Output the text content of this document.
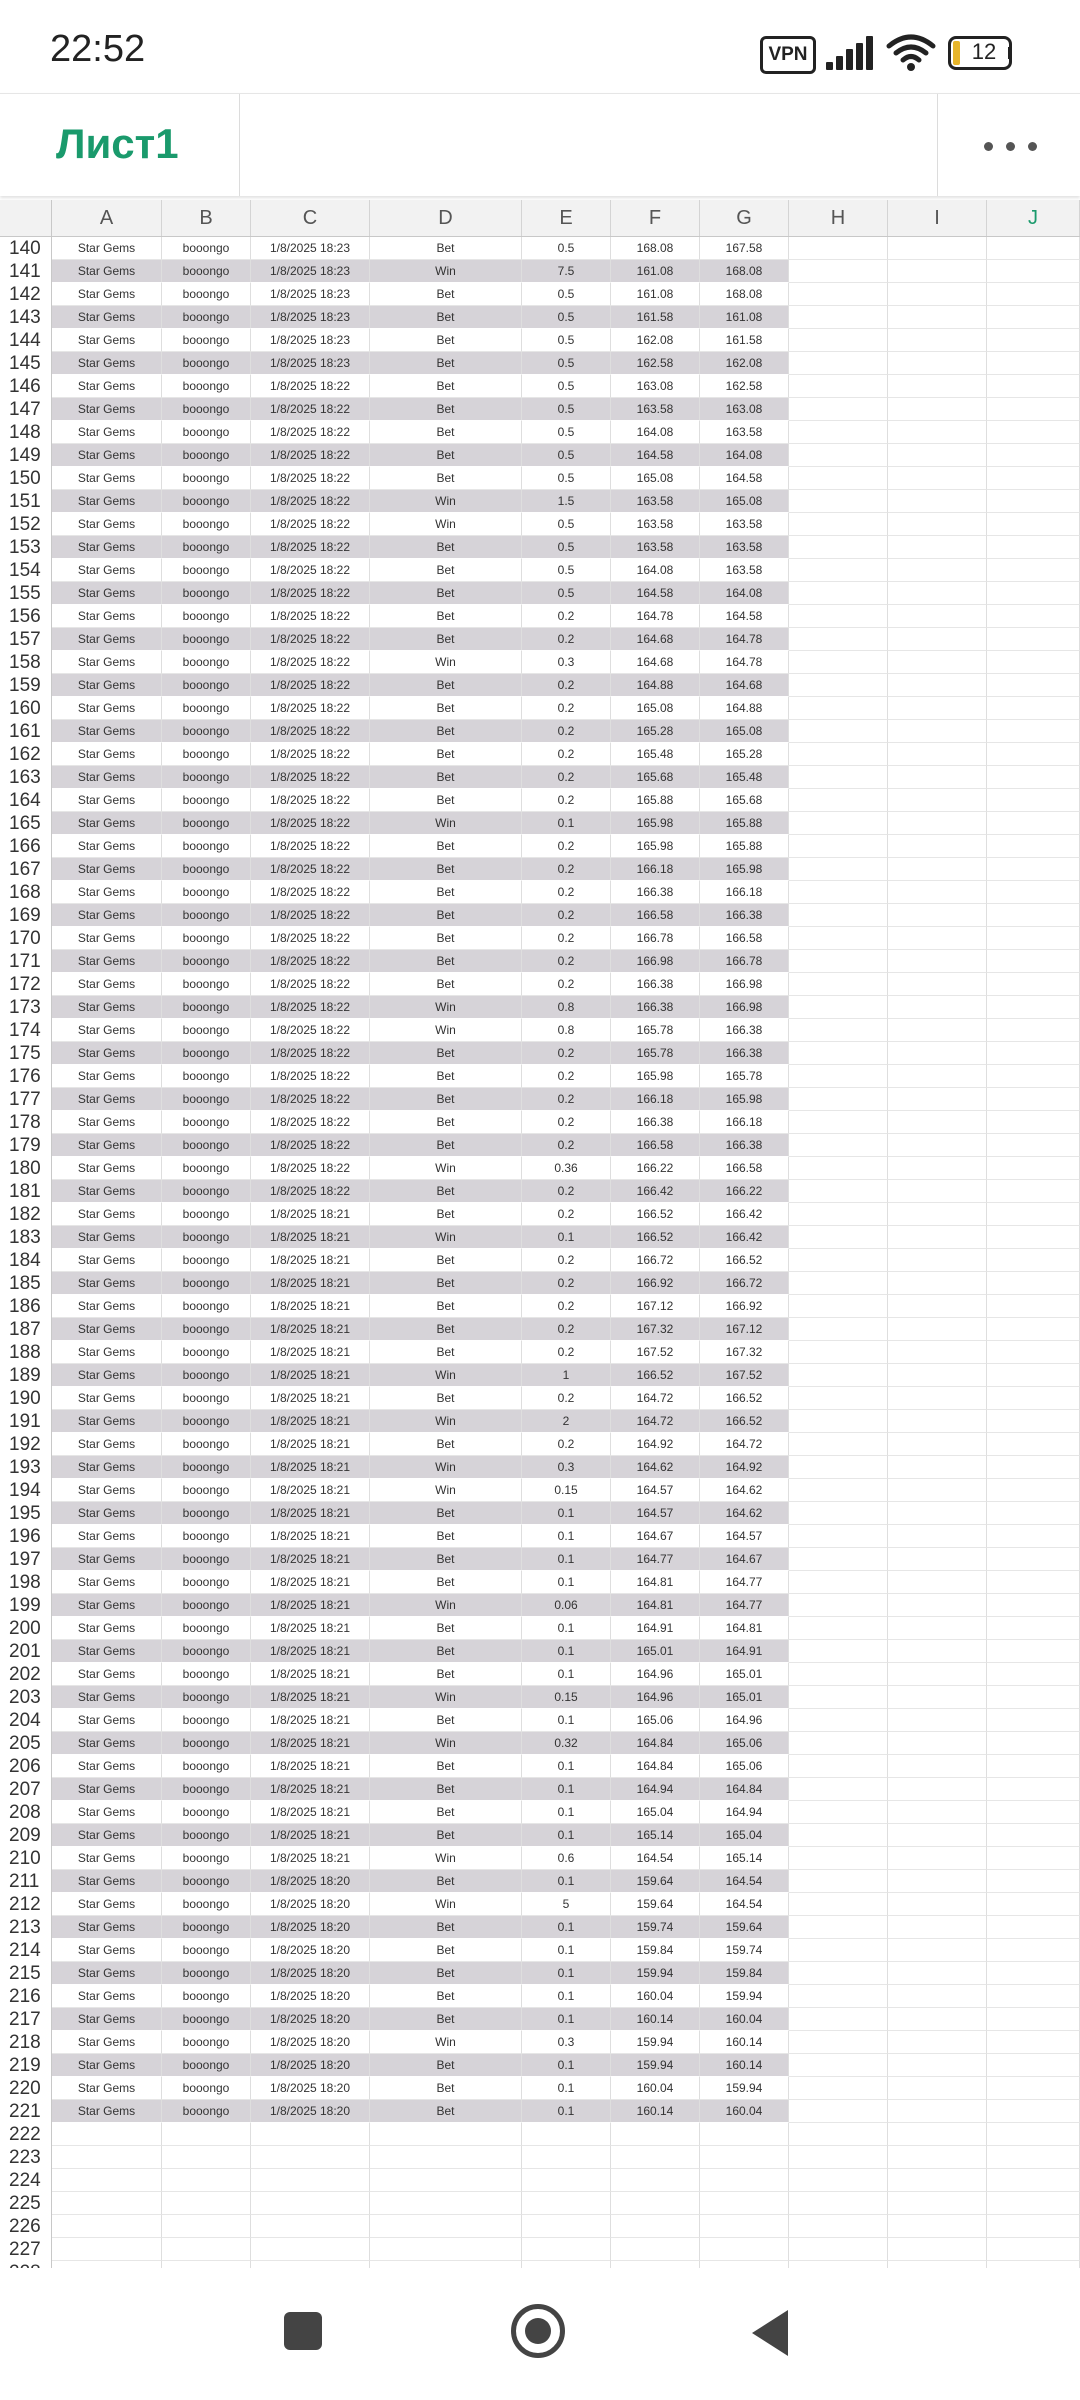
22:52	VPN	12
Лист1
A	B	C	D	E	F	G	H	I	J
140	Star Gems	booongo	1/8/2025 18:23	Bet	0.5	168.08	167.58
141	Star Gems	booongo	1/8/2025 18:23	Win	7.5	161.08	168.08
142	Star Gems	booongo	1/8/2025 18:23	Bet	0.5	161.08	168.08
143	Star Gems	booongo	1/8/2025 18:23	Bet	0.5	161.58	161.08
144	Star Gems	booongo	1/8/2025 18:23	Bet	0.5	162.08	161.58
145	Star Gems	booongo	1/8/2025 18:23	Bet	0.5	162.58	162.08
146	Star Gems	booongo	1/8/2025 18:22	Bet	0.5	163.08	162.58
147	Star Gems	booongo	1/8/2025 18:22	Bet	0.5	163.58	163.08
148	Star Gems	booongo	1/8/2025 18:22	Bet	0.5	164.08	163.58
149	Star Gems	booongo	1/8/2025 18:22	Bet	0.5	164.58	164.08
150	Star Gems	booongo	1/8/2025 18:22	Bet	0.5	165.08	164.58
151	Star Gems	booongo	1/8/2025 18:22	Win	1.5	163.58	165.08
152	Star Gems	booongo	1/8/2025 18:22	Win	0.5	163.58	163.58
153	Star Gems	booongo	1/8/2025 18:22	Bet	0.5	163.58	163.58
154	Star Gems	booongo	1/8/2025 18:22	Bet	0.5	164.08	163.58
155	Star Gems	booongo	1/8/2025 18:22	Bet	0.5	164.58	164.08
156	Star Gems	booongo	1/8/2025 18:22	Bet	0.2	164.78	164.58
157	Star Gems	booongo	1/8/2025 18:22	Bet	0.2	164.68	164.78
158	Star Gems	booongo	1/8/2025 18:22	Win	0.3	164.68	164.78
159	Star Gems	booongo	1/8/2025 18:22	Bet	0.2	164.88	164.68
160	Star Gems	booongo	1/8/2025 18:22	Bet	0.2	165.08	164.88
161	Star Gems	booongo	1/8/2025 18:22	Bet	0.2	165.28	165.08
162	Star Gems	booongo	1/8/2025 18:22	Bet	0.2	165.48	165.28
163	Star Gems	booongo	1/8/2025 18:22	Bet	0.2	165.68	165.48
164	Star Gems	booongo	1/8/2025 18:22	Bet	0.2	165.88	165.68
165	Star Gems	booongo	1/8/2025 18:22	Win	0.1	165.98	165.88
166	Star Gems	booongo	1/8/2025 18:22	Bet	0.2	165.98	165.88
167	Star Gems	booongo	1/8/2025 18:22	Bet	0.2	166.18	165.98
168	Star Gems	booongo	1/8/2025 18:22	Bet	0.2	166.38	166.18
169	Star Gems	booongo	1/8/2025 18:22	Bet	0.2	166.58	166.38
170	Star Gems	booongo	1/8/2025 18:22	Bet	0.2	166.78	166.58
171	Star Gems	booongo	1/8/2025 18:22	Bet	0.2	166.98	166.78
172	Star Gems	booongo	1/8/2025 18:22	Bet	0.2	166.38	166.98
173	Star Gems	booongo	1/8/2025 18:22	Win	0.8	166.38	166.98
174	Star Gems	booongo	1/8/2025 18:22	Win	0.8	165.78	166.38
175	Star Gems	booongo	1/8/2025 18:22	Bet	0.2	165.78	166.38
176	Star Gems	booongo	1/8/2025 18:22	Bet	0.2	165.98	165.78
177	Star Gems	booongo	1/8/2025 18:22	Bet	0.2	166.18	165.98
178	Star Gems	booongo	1/8/2025 18:22	Bet	0.2	166.38	166.18
179	Star Gems	booongo	1/8/2025 18:22	Bet	0.2	166.58	166.38
180	Star Gems	booongo	1/8/2025 18:22	Win	0.36	166.22	166.58
181	Star Gems	booongo	1/8/2025 18:22	Bet	0.2	166.42	166.22
182	Star Gems	booongo	1/8/2025 18:21	Bet	0.2	166.52	166.42
183	Star Gems	booongo	1/8/2025 18:21	Win	0.1	166.52	166.42
184	Star Gems	booongo	1/8/2025 18:21	Bet	0.2	166.72	166.52
185	Star Gems	booongo	1/8/2025 18:21	Bet	0.2	166.92	166.72
186	Star Gems	booongo	1/8/2025 18:21	Bet	0.2	167.12	166.92
187	Star Gems	booongo	1/8/2025 18:21	Bet	0.2	167.32	167.12
188	Star Gems	booongo	1/8/2025 18:21	Bet	0.2	167.52	167.32
189	Star Gems	booongo	1/8/2025 18:21	Win	1	166.52	167.52
190	Star Gems	booongo	1/8/2025 18:21	Bet	0.2	164.72	166.52
191	Star Gems	booongo	1/8/2025 18:21	Win	2	164.72	166.52
192	Star Gems	booongo	1/8/2025 18:21	Bet	0.2	164.92	164.72
193	Star Gems	booongo	1/8/2025 18:21	Win	0.3	164.62	164.92
194	Star Gems	booongo	1/8/2025 18:21	Win	0.15	164.57	164.62
195	Star Gems	booongo	1/8/2025 18:21	Bet	0.1	164.57	164.62
196	Star Gems	booongo	1/8/2025 18:21	Bet	0.1	164.67	164.57
197	Star Gems	booongo	1/8/2025 18:21	Bet	0.1	164.77	164.67
198	Star Gems	booongo	1/8/2025 18:21	Bet	0.1	164.81	164.77
199	Star Gems	booongo	1/8/2025 18:21	Win	0.06	164.81	164.77
200	Star Gems	booongo	1/8/2025 18:21	Bet	0.1	164.91	164.81
201	Star Gems	booongo	1/8/2025 18:21	Bet	0.1	165.01	164.91
202	Star Gems	booongo	1/8/2025 18:21	Bet	0.1	164.96	165.01
203	Star Gems	booongo	1/8/2025 18:21	Win	0.15	164.96	165.01
204	Star Gems	booongo	1/8/2025 18:21	Bet	0.1	165.06	164.96
205	Star Gems	booongo	1/8/2025 18:21	Win	0.32	164.84	165.06
206	Star Gems	booongo	1/8/2025 18:21	Bet	0.1	164.84	165.06
207	Star Gems	booongo	1/8/2025 18:21	Bet	0.1	164.94	164.84
208	Star Gems	booongo	1/8/2025 18:21	Bet	0.1	165.04	164.94
209	Star Gems	booongo	1/8/2025 18:21	Bet	0.1	165.14	165.04
210	Star Gems	booongo	1/8/2025 18:21	Win	0.6	164.54	165.14
211	Star Gems	booongo	1/8/2025 18:20	Bet	0.1	159.64	164.54
212	Star Gems	booongo	1/8/2025 18:20	Win	5	159.64	164.54
213	Star Gems	booongo	1/8/2025 18:20	Bet	0.1	159.74	159.64
214	Star Gems	booongo	1/8/2025 18:20	Bet	0.1	159.84	159.74
215	Star Gems	booongo	1/8/2025 18:20	Bet	0.1	159.94	159.84
216	Star Gems	booongo	1/8/2025 18:20	Bet	0.1	160.04	159.94
217	Star Gems	booongo	1/8/2025 18:20	Bet	0.1	160.14	160.04
218	Star Gems	booongo	1/8/2025 18:20	Win	0.3	159.94	160.14
219	Star Gems	booongo	1/8/2025 18:20	Bet	0.1	159.94	160.14
220	Star Gems	booongo	1/8/2025 18:20	Bet	0.1	160.04	159.94
221	Star Gems	booongo	1/8/2025 18:20	Bet	0.1	160.14	160.04
222
223
224
225
226
227
